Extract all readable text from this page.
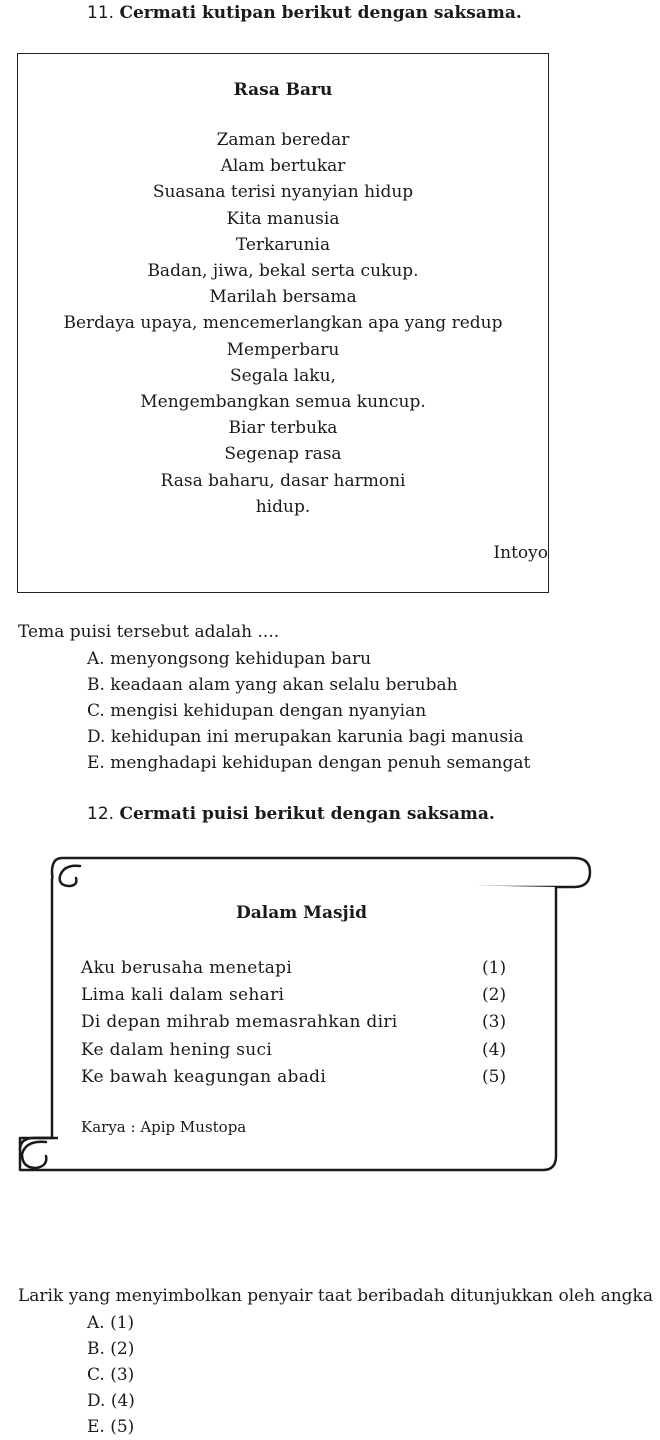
11. Cermati kutipan berikut dengan saksama.
Rasa Baru
Zaman beredar
Alam bertukar
Suasana terisi nyanyian hidup
Kita manusia
Terkarunia
Badan, jiwa, bekal serta cukup.
Marilah bersama
Berdaya upaya, mencemerlangkan apa yang redup
Memperbaru
Segala laku,
Mengembangkan semua kuncup.
Biar terbuka
Segenap rasa
Rasa baharu, dasar harmoni
hidup.
Intoyo
Tema puisi tersebut adalah ....
A. menyongsong kehidupan baru
B. keadaan alam yang akan selalu berubah
C. mengisi kehidupan dengan nyanyian
D. kehidupan ini merupakan karunia bagi manusia
E. menghadapi kehidupan dengan penuh semangat
12. Cermati puisi berikut dengan saksama.
Dalam Masjid
Aku berusaha menetapi	(1)
Lima kali dalam sehari	(2)
Di depan mihrab memasrahkan diri	(3)
Ke dalam hening suci	(4)
Ke bawah keagungan abadi	(5)
Karya : Apip Mustopa
Larik yang menyimbolkan penyair taat beribadah ditunjukkan oleh angka
A. (1)
B. (2)
C. (3)
D. (4)
E. (5)
